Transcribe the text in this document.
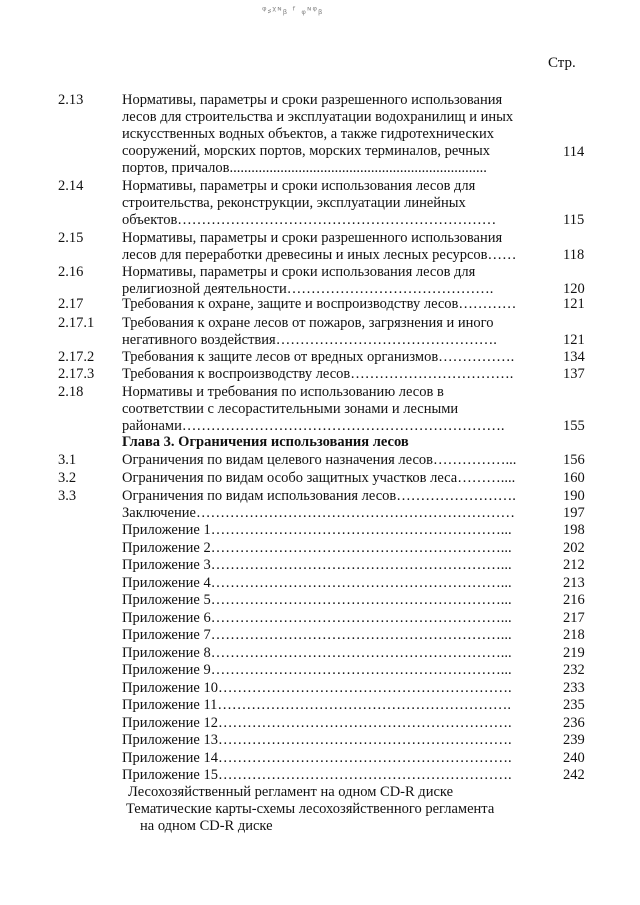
ᵠ⸗ᵡᶰᵦ ᶠ ᵩᶰᵠᵦ
Стр.
2.13	Нормативы, параметры и сроки разрешенного использования
лесов для строительства и эксплуатации водохранилищ и иных
искусственных водных объектов, а также гидротехнических
сооружений, морских портов, морских терминалов, речных
портов, причалов.......................................................................
114
2.14	Нормативы, параметры и сроки использования лесов для
строительства, реконструкции, эксплуатации линейных
объектов…………………………………………………………	115
2.15	Нормативы, параметры и сроки разрешенного использования
лесов для переработки древесины и иных лесных ресурсов……	118
2.16	Нормативы, параметры и сроки использования лесов для
религиозной деятельности…………………………………….	120
2.17	Требования к охране, защите и воспроизводству лесов…………	121
2.17.1 Требования к охране лесов от пожаров, загрязнения и иного
негативного воздействия……………………………………….	121
2.17.2 Требования к защите лесов от вредных организмов…………….	134
2.17.3 Требования к воспроизводству лесов…………………………….	137
2.18	Нормативы и требования по использованию лесов в
соответствии с лесорастительными зонами и лесными
районами………………………………………………………….	155
Глава 3. Ограничения использования лесов
3.1	Ограничения по видам целевого назначения лесов……………...	156
3.2	Ограничения по видам особо защитных участков леса………....	160
3.3	Ограничения по видам использования лесов…………………….	190
Заключение…………………………………………………………	197
Приложение 1……………………………………………………...	198
Приложение 2……………………………………………………...	202
Приложение 3……………………………………………………...	212
Приложение 4……………………………………………………...	213
Приложение 5……………………………………………………...	216
Приложение 6……………………………………………………...	217
Приложение 7……………………………………………………...	218
Приложение 8……………………………………………………...	219
Приложение 9……………………………………………………...	232
Приложение 10…………………………………………………….	233
Приложение 11…………………………………………………….	235
Приложение 12…………………………………………………….	236
Приложение 13…………………………………………………….	239
Приложение 14…………………………………………………….	240
Приложение 15…………………………………………………….	242
Лесохозяйственный регламент на одном CD-R диске
Тематические карты-схемы лесохозяйственного регламента
на одном CD-R диске
